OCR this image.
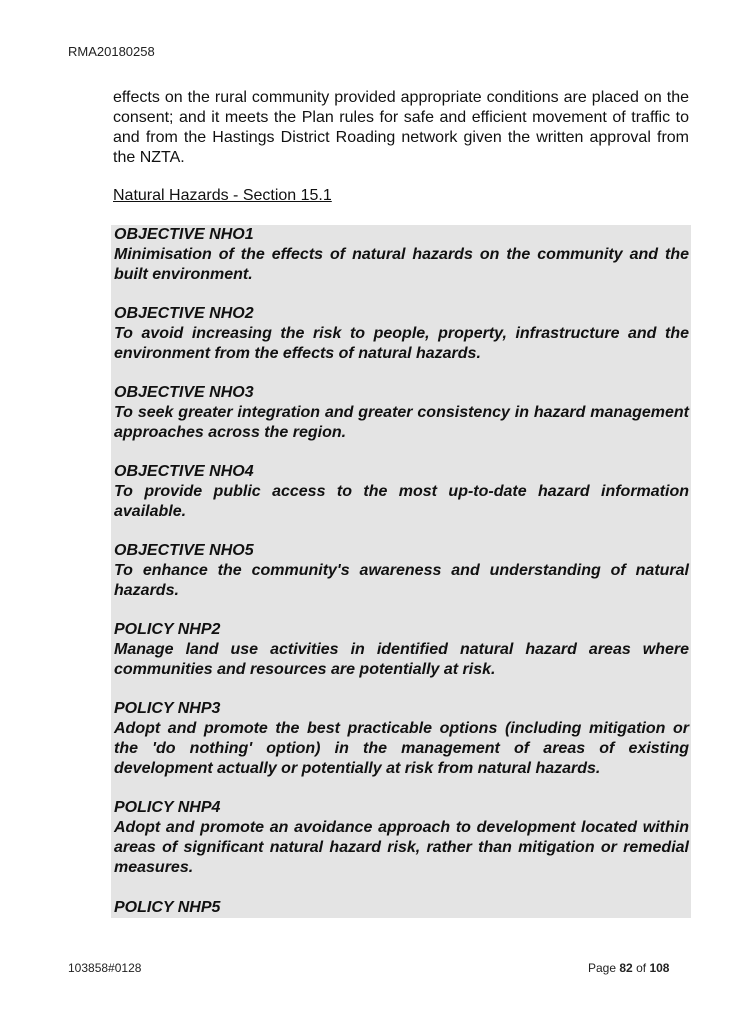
RMA20180258

effects on the rural community provided appropriate conditions are placed on the consent; and it meets the Plan rules for safe and efficient movement of traffic to and from the Hastings District Roading network given the written approval from the NZTA.

Natural Hazards - Section 15.1
OBJECTIVE NHO1
Minimisation of the effects of natural hazards on the community and the built environment.
OBJECTIVE NHO2
To avoid increasing the risk to people, property, infrastructure and the environment from the effects of natural hazards.
OBJECTIVE NHO3
To seek greater integration and greater consistency in hazard management approaches across the region.
OBJECTIVE NHO4
To provide public access to the most up-to-date hazard information available.
OBJECTIVE NHO5
To enhance the community's awareness and understanding of natural hazards.
POLICY NHP2
Manage land use activities in identified natural hazard areas where communities and resources are potentially at risk.
POLICY NHP3
Adopt and promote the best practicable options (including mitigation or the 'do nothing' option) in the management of areas of existing development actually or potentially at risk from natural hazards.
POLICY NHP4
Adopt and promote an avoidance approach to development located within areas of significant natural hazard risk, rather than mitigation or remedial measures.
POLICY NHP5
103858#0128	Page 82 of 108
